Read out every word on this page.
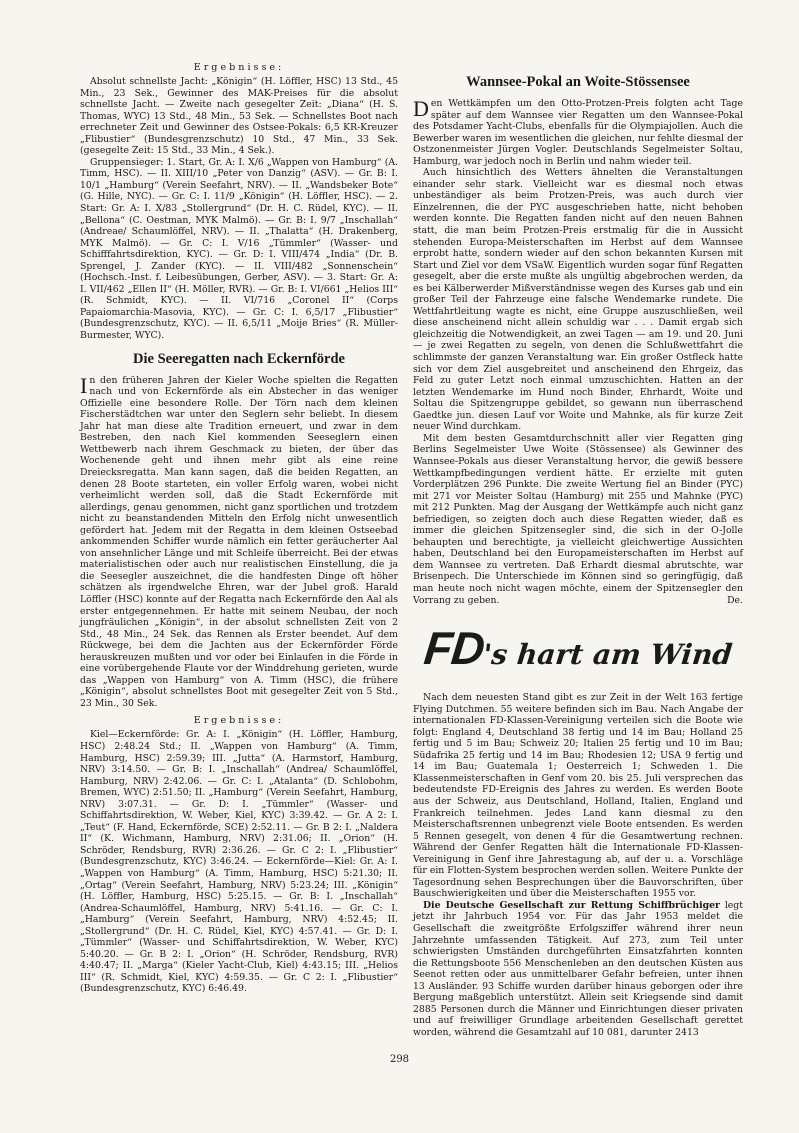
Ergebnisse:

Absolut schnellste Jacht: „Königin“ (H. Löffler, HSC) 13 Std., 45 Min., 23 Sek., Gewinner des MAK-Preises für die absolut schnellste Jacht. — Zweite nach gesegelter Zeit: „Diana“ (H. S. Thomas, WYC) 13 Std., 48 Min., 53 Sek. — Schnellstes Boot nach errechneter Zeit und Gewinner des Ostsee-Pokals: 6,5 KR-Kreuzer „Flibustier“ (Bundesgrenzschutz) 10 Std., 47 Min., 33 Sek. (gesegelte Zeit: 15 Std., 33 Min., 4 Sek.).

Gruppensieger: 1. Start, Gr. A: I. X/6 „Wappen von Hamburg“ (A. Timm, HSC). — II. XIII/10 „Peter von Danzig“ (ASV). — Gr. B: I. 10/1 „Hamburg“ (Verein Seefahrt, NRV). — II. „Wandsbeker Bote“ (G. Hille, NYC). — Gr. C: I. 11/9 „Königin“ (H. Löffler, HSC). — 2. Start: Gr. A: I. X/83 „Stollergrund“ (Dr. H. C. Rüdel, KYC). — II. „Bellona“ (C. Oestman, MYK Malmö). — Gr. B: I. 9/7 „Inschallah“ (Andreae/ Schaumlöffel, NRV). — II. „Thalatta“ (H. Drakenberg, MYK Malmö). — Gr. C: I. V/16 „Tümmler“ (Wasser- und Schifffahrtsdirektion, KYC). — Gr. D: I. VIII/474 „India“ (Dr. B. Sprengel, J. Zander (KYC). — II. VIII/482 „Sonnenschein“ (Hochsch.-Inst. f. Leibesübungen, Gerber, ASV). — 3. Start: Gr. A: I. VII/462 „Ellen II“ (H. Möller, RVR). — Gr. B: I. VI/661 „Helios III“ (R. Schmidt, KYC). — II. VI/716 „Coronel II“ (Corps Papaiomarchia-Masovia, KYC). — Gr. C: I. 6,5/17 „Flibustier“ (Bundesgrenzschutz, KYC). — II. 6,5/11 „Moije Bries“ (R. Müller-Burmester, WYC).

Die Seeregatten nach Eckernförde

In den früheren Jahren der Kieler Woche spielten die Regatten nach und von Eckernförde als ein Abstecher in das weniger Offizielle eine besondere Rolle. Der Törn nach dem kleinen Fischerstädtchen war unter den Seglern sehr beliebt. In diesem Jahr hat man diese alte Tradition erneuert, und zwar in dem Bestreben, den nach Kiel kommenden Seeseglern einen Wettbewerb nach ihrem Geschmack zu bieten, der über das Wochenende geht und ihnen mehr gibt als eine reine Dreiecksregatta. Man kann sagen, daß die beiden Regatten, an denen 28 Boote starteten, ein voller Erfolg waren, wobei nicht verheimlicht werden soll, daß die Stadt Eckernförde mit allerdings, genau genommen, nicht ganz sportlichen und trotzdem nicht zu beanstandenden Mitteln den Erfolg nicht unwesentlich gefördert hat. Jedem mit der Regatta in dem kleinen Ostseebad ankommenden Schiffer wurde nämlich ein fetter geräucherter Aal von ansehnlicher Länge und mit Schleife überreicht. Bei der etwas materialistischen oder auch nur realistischen Einstellung, die ja die Seesegler auszeichnet, die die handfesten Dinge oft höher schätzen als irgendwelche Ehren, war der Jubel groß. Harald Löffler (HSC) konnte auf der Regatta nach Eckernförde den Aal als erster entgegennehmen. Er hatte mit seinem Neubau, der noch jungfräulichen „Königin“, in der absolut schnellsten Zeit von 2 Std., 48 Min., 24 Sek. das Rennen als Erster beendet. Auf dem Rückwege, bei dem die Jachten aus der Eckernförder Förde herauskreuzen mußten und vor oder bei Einlaufen in die Förde in eine vorübergehende Flaute vor der Winddrehung gerieten, wurde das „Wappen von Hamburg“ von A. Timm (HSC), die frühere „Königin“, absolut schnellstes Boot mit gesegelter Zeit von 5 Std., 23 Min., 30 Sek.

Ergebnisse:

Kiel—Eckernförde: Gr. A: I. „Königin“ (H. Löffler, Hamburg, HSC) 2:48.24 Std.; II. „Wappen von Hamburg“ (A. Timm, Hamburg, HSC) 2:59.39; III. „Jutta“ (A. Harmstorf, Hamburg, NRV) 3:14.50. — Gr. B: I. „Inschallah“ (Andrea/ Schaumlöffel, Hamburg, NRV) 2:42.06. — Gr. C: I. „Atalanta“ (D. Schlobohm, Bremen, WYC) 2:51.50; II. „Hamburg“ (Verein Seefahrt, Hamburg, NRV) 3:07.31. — Gr. D: I. „Tümmler“ (Wasser- und Schiffahrtsdirektion, W. Weber, Kiel, KYC) 3:39.42. — Gr. A 2: I. „Teut“ (F. Hand, Eckernförde, SCE) 2:52.11. — Gr. B 2: I. „Naldera II“ (K. Wichmann, Hamburg, NRV) 2:31.06; II. „Orion“ (H. Schröder, Rendsburg, RVR) 2:36.26. — Gr. C 2: I. „Flibustier“ (Bundesgrenzschutz, KYC) 3:46.24. — Eckernförde—Kiel: Gr. A: I. „Wappen von Hamburg“ (A. Timm, Hamburg, HSC) 5:21.30; II. „Ortag“ (Verein Seefahrt, Hamburg, NRV) 5:23.24; III. „Königin“ (H. Löffler, Hamburg, HSC) 5:25.15. — Gr. B: I. „Inschallah“ (Andrea-Schaumlöffel, Hamburg, NRV) 5:41.16. — Gr. C: I. „Hamburg“ (Verein Seefahrt, Hamburg, NRV) 4:52.45; II. „Stollergrund“ (Dr. H. C. Rüdel, Kiel, KYC) 4:57.41. — Gr. D: I. „Tümmler“ (Wasser- und Schiffahrtsdirektion, W. Weber, KYC) 5:40.20. — Gr. B 2: I. „Orion“ (H. Schröder, Rendsburg, RVR) 4:40.47; II. „Marga“ (Kieler Yacht-Club, Kiel) 4:43.15; III. „Helios III“ (R. Schmidt, Kiel, KYC) 4:59.35. — Gr. C 2: I. „Flibustier“ (Bundesgrenzschutz, KYC) 6:46.49.

Wannsee-Pokal an Woite-Stössensee

Den Wettkämpfen um den Otto-Protzen-Preis folgten acht Tage später auf dem Wannsee vier Regatten um den Wannsee-Pokal des Potsdamer Yacht-Clubs, ebenfalls für die Olympiajollen. Auch die Bewerber waren im wesentlichen die gleichen, nur fehlte diesmal der Ostzonenmeister Jürgen Vogler. Deutschlands Segelmeister Soltau, Hamburg, war jedoch noch in Berlin und nahm wieder teil.

Auch hinsichtlich des Wetters ähnelten die Veranstaltungen einander sehr stark. Vielleicht war es diesmal noch etwas unbeständiger als beim Protzen-Preis, was auch durch vier Einzelrennen, die der PYC ausgeschrieben hatte, nicht behoben werden konnte. Die Regatten fanden nicht auf den neuen Bahnen statt, die man beim Protzen-Preis erstmalig für die in Aussicht stehenden Europa-Meisterschaften im Herbst auf dem Wannsee erprobt hatte, sondern wieder auf den schon bekannten Kursen mit Start und Ziel vor dem VSaW. Eigentlich wurden sogar fünf Regatten gesegelt, aber die erste mußte als ungültig abgebrochen werden, da es bei Kälberwerder Mißverständnisse wegen des Kurses gab und ein großer Teil der Fahrzeuge eine falsche Wendemarke rundete. Die Wettfahrtleitung wagte es nicht, eine Gruppe auszuschließen, weil diese anscheinend nicht allein schuldig war . . . Damit ergab sich gleichzeitig die Notwendigkeit, an zwei Tagen — am 19. und 20. Juni — je zwei Regatten zu segeln, von denen die Schlußwettfahrt die schlimmste der ganzen Veranstaltung war. Ein großer Ostfleck hatte sich vor dem Ziel ausgebreitet und anscheinend den Ehrgeiz, das Feld zu guter Letzt noch einmal umzuschichten. Hatten an der letzten Wendemarke im Hund noch Binder, Ehrhardt, Woite und Soltau die Spitzengruppe gebildet, so gewann nun überraschend Gaedtke jun. diesen Lauf vor Woite und Mahnke, als für kurze Zeit neuer Wind durchkam.

Mit dem besten Gesamtdurchschnitt aller vier Regatten ging Berlins Segelmeister Uwe Woite (Stössensee) als Gewinner des Wannsee-Pokals aus dieser Veranstaltung hervor, die gewiß bessere Wettkampfbedingungen verdient hätte. Er erzielte mit guten Vorderplätzen 296 Punkte. Die zweite Wertung fiel an Binder (PYC) mit 271 vor Meister Soltau (Hamburg) mit 255 und Mahnke (PYC) mit 212 Punkten. Mag der Ausgang der Wettkämpfe auch nicht ganz befriedigen, so zeigten doch auch diese Regatten wieder, daß es immer die gleichen Spitzensegler sind, die sich in der O-Jolle behaupten und berechtigte, ja vielleicht gleichwertige Aussichten haben, Deutschland bei den Europameisterschaften im Herbst auf dem Wannsee zu vertreten. Daß Erhardt diesmal abrutschte, war Brisenpech. Die Unterschiede im Können sind so geringfügig, daß man heute noch nicht wagen möchte, einem der Spitzensegler den Vorrang zu geben.	De.

FD's hart am Wind

Nach dem neuesten Stand gibt es zur Zeit in der Welt 163 fertige Flying Dutchmen. 55 weitere befinden sich im Bau. Nach Angabe der internationalen FD-Klassen-Vereinigung verteilen sich die Boote wie folgt: England 4, Deutschland 38 fertig und 14 im Bau; Holland 25 fertig und 5 im Bau; Schweiz 20; Italien 25 fertig und 10 im Bau; Südafrika 25 fertig und 14 im Bau; Rhodesien 12; USA 9 fertig und 14 im Bau; Guatemala 1; Oesterreich 1; Schweden 1. Die Klassenmeisterschaften in Genf vom 20. bis 25. Juli versprechen das bedeutendste FD-Ereignis des Jahres zu werden. Es werden Boote aus der Schweiz, aus Deutschland, Holland, Italien, England und Frankreich teilnehmen. Jedes Land kann diesmal zu den Meisterschaftsrennen unbegrenzt viele Boote entsenden. Es werden 5 Rennen gesegelt, von denen 4 für die Gesamtwertung rechnen. Während der Genfer Regatten hält die Internationale FD-Klassen-Vereinigung in Genf ihre Jahrestagung ab, auf der u. a. Vorschläge für ein Flotten-System besprochen werden sollen. Weitere Punkte der Tagesordnung sehen Besprechungen über die Bauvorschriften, über Bauschwierigkeiten und über die Meisterschaften 1955 vor.

Die Deutsche Gesellschaft zur Rettung Schiffbrüchiger legt jetzt ihr Jahrbuch 1954 vor. Für das Jahr 1953 meldet die Gesellschaft die zweitgrößte Erfolgsziffer während ihrer neun Jahrzehnte umfassenden Tätigkeit. Auf 273, zum Teil unter schwierigsten Umständen durchgeführten Einsatzfahrten konnten die Rettungsboote 556 Menschenleben an den deutschen Küsten aus Seenot retten oder aus unmittelbarer Gefahr befreien, unter ihnen 13 Ausländer. 93 Schiffe wurden darüber hinaus geborgen oder ihre Bergung maßgeblich unterstützt. Allein seit Kriegsende sind damit 2885 Personen durch die Männer und Einrichtungen dieser privaten und auf freiwilliger Grundlage arbeitenden Gesellschaft gerettet worden, während die Gesamtzahl auf 10 081, darunter 2413

298
